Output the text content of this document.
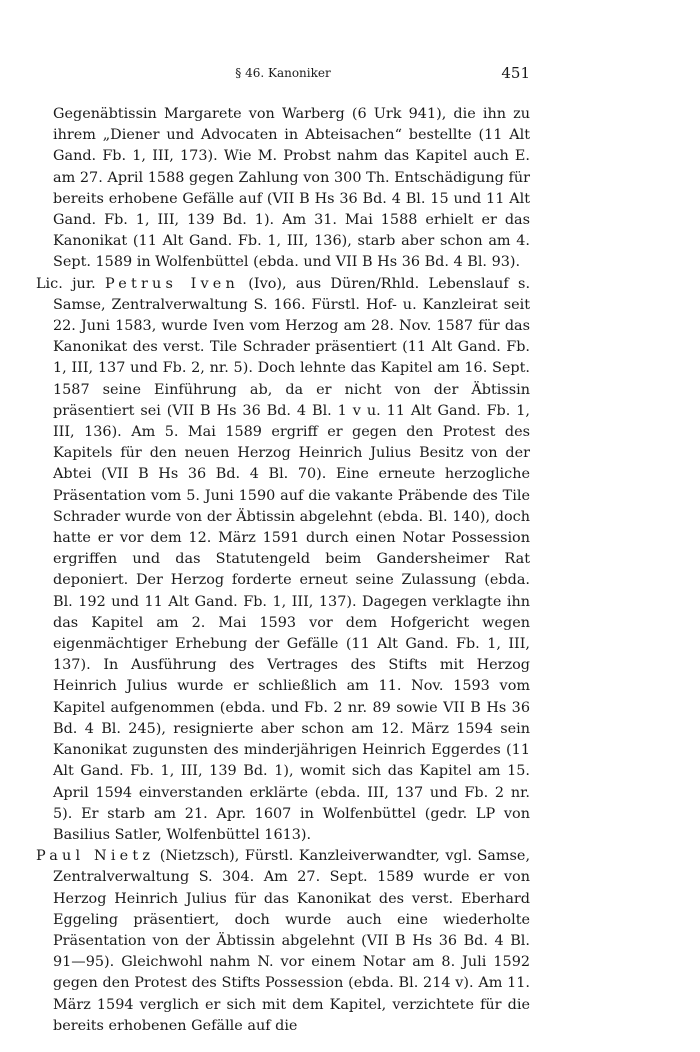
§ 46. Kanoniker	451

Gegenäbtissin Margarete von Warberg (6 Urk 941), die ihn zu ihrem „Diener und Advocaten in Abteisachen“ bestellte (11 Alt Gand. Fb. 1, III, 173). Wie M. Probst nahm das Kapitel auch E. am 27. April 1588 gegen Zahlung von 300 Th. Entschädigung für bereits erhobene Gefälle auf (VII B Hs 36 Bd. 4 Bl. 15 und 11 Alt Gand. Fb. 1, III, 139 Bd. 1). Am 31. Mai 1588 erhielt er das Kanonikat (11 Alt Gand. Fb. 1, III, 136), starb aber schon am 4. Sept. 1589 in Wolfenbüttel (ebda. und VII B Hs 36 Bd. 4 Bl. 93).

Lic. jur. Petrus Iven (Ivo), aus Düren/Rhld. Lebenslauf s. Samse, Zentralverwaltung S. 166. Fürstl. Hof- u. Kanzleirat seit 22. Juni 1583, wurde Iven vom Herzog am 28. Nov. 1587 für das Kanonikat des verst. Tile Schrader präsentiert (11 Alt Gand. Fb. 1, III, 137 und Fb. 2, nr. 5). Doch lehnte das Kapitel am 16. Sept. 1587 seine Einführung ab, da er nicht von der Äbtissin präsentiert sei (VII B Hs 36 Bd. 4 Bl. 1 v u. 11 Alt Gand. Fb. 1, III, 136). Am 5. Mai 1589 ergriff er gegen den Protest des Kapitels für den neuen Herzog Heinrich Julius Besitz von der Abtei (VII B Hs 36 Bd. 4 Bl. 70). Eine erneute herzogliche Präsentation vom 5. Juni 1590 auf die vakante Präbende des Tile Schrader wurde von der Äbtissin abgelehnt (ebda. Bl. 140), doch hatte er vor dem 12. März 1591 durch einen Notar Possession ergriffen und das Statutengeld beim Gandersheimer Rat deponiert. Der Herzog forderte erneut seine Zulassung (ebda. Bl. 192 und 11 Alt Gand. Fb. 1, III, 137). Dagegen verklagte ihn das Kapitel am 2. Mai 1593 vor dem Hofgericht wegen eigenmächtiger Erhebung der Gefälle (11 Alt Gand. Fb. 1, III, 137). In Ausführung des Vertrages des Stifts mit Herzog Heinrich Julius wurde er schließlich am 11. Nov. 1593 vom Kapitel aufgenommen (ebda. und Fb. 2 nr. 89 sowie VII B Hs 36 Bd. 4 Bl. 245), resignierte aber schon am 12. März 1594 sein Kanonikat zugunsten des minderjährigen Heinrich Eggerdes (11 Alt Gand. Fb. 1, III, 139 Bd. 1), womit sich das Kapitel am 15. April 1594 einverstanden erklärte (ebda. III, 137 und Fb. 2 nr. 5). Er starb am 21. Apr. 1607 in Wolfenbüttel (gedr. LP von Basilius Satler, Wolfenbüttel 1613).

Paul Nietz (Nietzsch), Fürstl. Kanzleiverwandter, vgl. Samse, Zentralverwaltung S. 304. Am 27. Sept. 1589 wurde er von Herzog Heinrich Julius für das Kanonikat des verst. Eberhard Eggeling präsentiert, doch wurde auch eine wiederholte Präsentation von der Äbtissin abgelehnt (VII B Hs 36 Bd. 4 Bl. 91—95). Gleichwohl nahm N. vor einem Notar am 8. Juli 1592 gegen den Protest des Stifts Possession (ebda. Bl. 214 v). Am 11. März 1594 verglich er sich mit dem Kapitel, verzichtete für die bereits erhobenen Gefälle auf die
